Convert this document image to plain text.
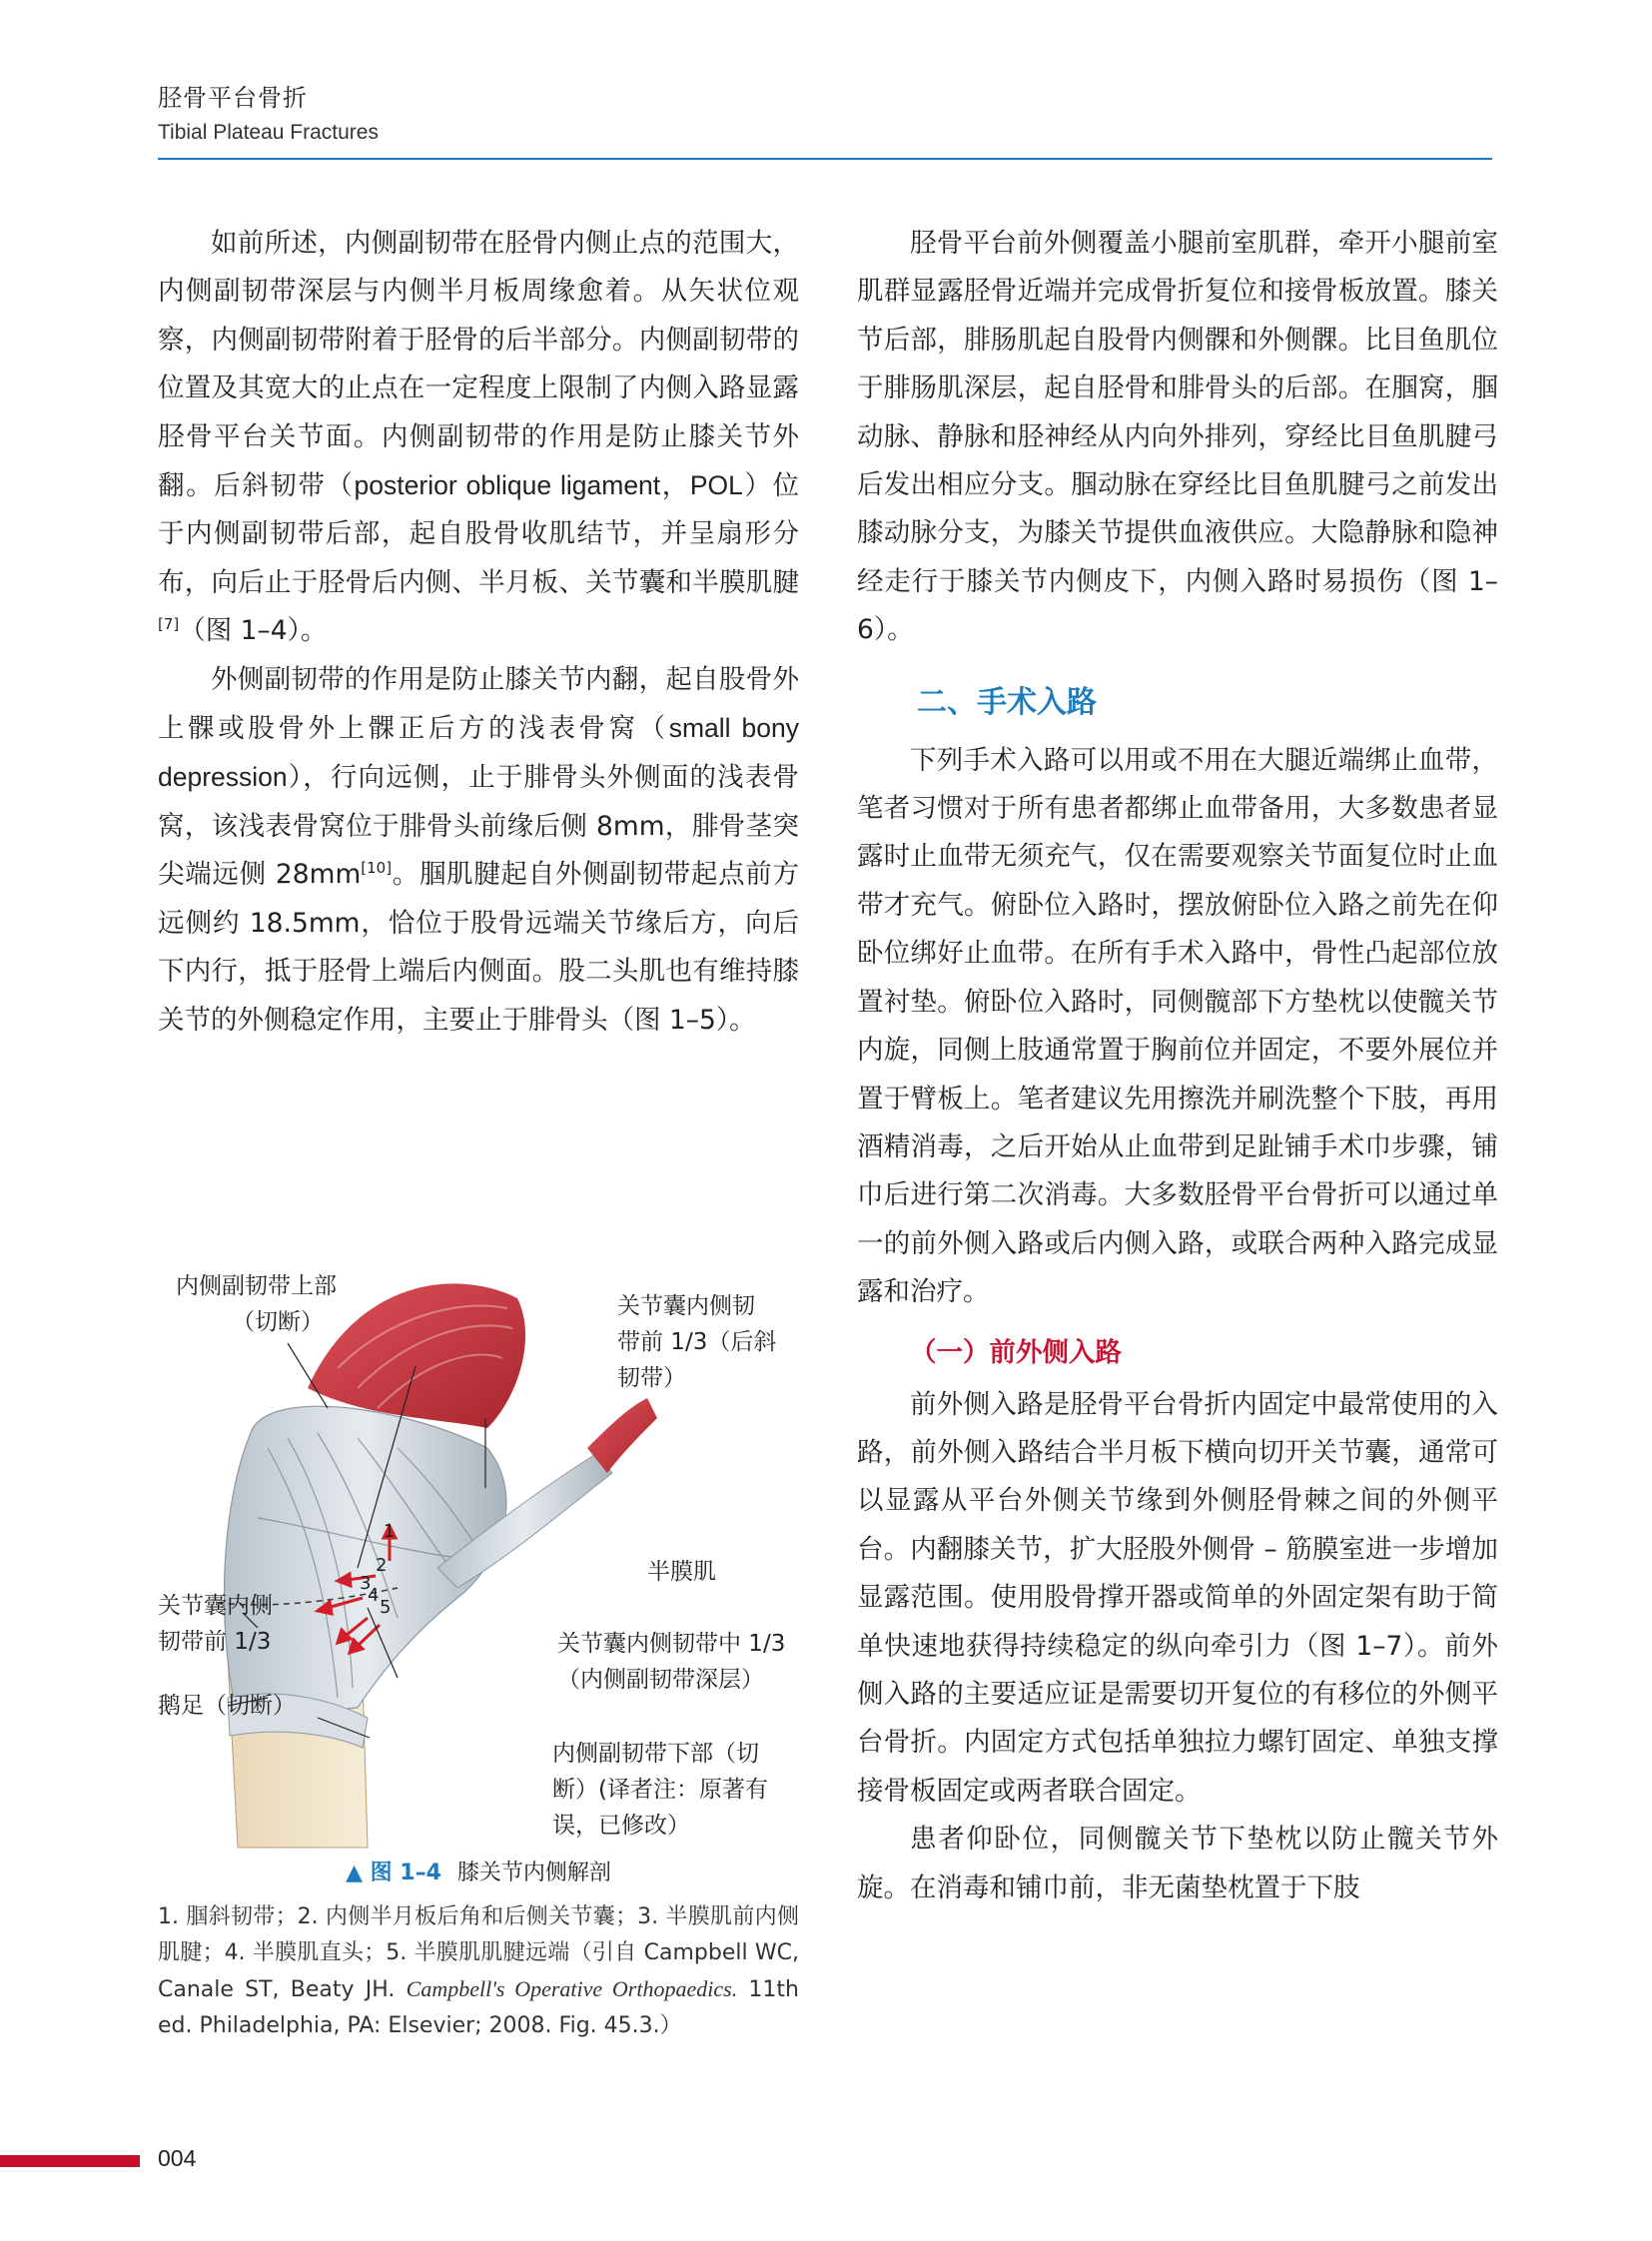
胫骨平台骨折
Tibial Plateau Fractures

如前所述，内侧副韧带在胫骨内侧止点的范围大，内侧副韧带深层与内侧半月板周缘愈着。从矢状位观察，内侧副韧带附着于胫骨的后半部分。内侧副韧带的位置及其宽大的止点在一定程度上限制了内侧入路显露胫骨平台关节面。内侧副韧带的作用是防止膝关节外翻。后斜韧带（posterior oblique ligament，POL）位于内侧副韧带后部，起自股骨收肌结节，并呈扇形分布，向后止于胫骨后内侧、半月板、关节囊和半膜肌腱[7]（图 1–4）。

外侧副韧带的作用是防止膝关节内翻，起自股骨外上髁或股骨外上髁正后方的浅表骨窝（small bony depression），行向远侧，止于腓骨头外侧面的浅表骨窝，该浅表骨窝位于腓骨头前缘后侧 8mm，腓骨茎突尖端远侧 28mm[10]。腘肌腱起自外侧副韧带起点前方远侧约 18.5mm，恰位于股骨远端关节缘后方，向后下内行，抵于胫骨上端后内侧面。股二头肌也有维持膝关节的外侧稳定作用，主要止于腓骨头（图 1–5）。

内侧副韧带上部
（切断）
关节囊内侧韧
带前 1/3（后斜
韧带）
半膜肌
关节囊内侧
韧带前 1/3	关节囊内侧韧带中 1/3
（内侧副韧带深层）
鹅足（切断）
内侧副韧带下部（切
断）(译者注：原著有
误，已修改）
1
2
3
4
5
▲ 图 1–4 膝关节内侧解剖
1. 腘斜韧带；2. 内侧半月板后角和后侧关节囊；3. 半膜肌前内侧肌腱；4. 半膜肌直头；5. 半膜肌肌腱远端（引自 Campbell WC, Canale ST, Beaty JH. Campbell's Operative Orthopaedics. 11th ed. Philadelphia, PA: Elsevier; 2008. Fig. 45.3.）

胫骨平台前外侧覆盖小腿前室肌群，牵开小腿前室肌群显露胫骨近端并完成骨折复位和接骨板放置。膝关节后部，腓肠肌起自股骨内侧髁和外侧髁。比目鱼肌位于腓肠肌深层，起自胫骨和腓骨头的后部。在腘窝，腘动脉、静脉和胫神经从内向外排列，穿经比目鱼肌腱弓后发出相应分支。腘动脉在穿经比目鱼肌腱弓之前发出膝动脉分支，为膝关节提供血液供应。大隐静脉和隐神经走行于膝关节内侧皮下，内侧入路时易损伤（图 1–6）。

二、手术入路

下列手术入路可以用或不用在大腿近端绑止血带，笔者习惯对于所有患者都绑止血带备用，大多数患者显露时止血带无须充气，仅在需要观察关节面复位时止血带才充气。俯卧位入路时，摆放俯卧位入路之前先在仰卧位绑好止血带。在所有手术入路中，骨性凸起部位放置衬垫。俯卧位入路时，同侧髋部下方垫枕以使髋关节内旋，同侧上肢通常置于胸前位并固定，不要外展位并置于臂板上。笔者建议先用擦洗并刷洗整个下肢，再用酒精消毒，之后开始从止血带到足趾铺手术巾步骤，铺巾后进行第二次消毒。大多数胫骨平台骨折可以通过单一的前外侧入路或后内侧入路，或联合两种入路完成显露和治疗。

（一）前外侧入路

前外侧入路是胫骨平台骨折内固定中最常使用的入路，前外侧入路结合半月板下横向切开关节囊，通常可以显露从平台外侧关节缘到外侧胫骨棘之间的外侧平台。内翻膝关节，扩大胫股外侧骨 – 筋膜室进一步增加显露范围。使用股骨撑开器或简单的外固定架有助于简单快速地获得持续稳定的纵向牵引力（图 1–7）。前外侧入路的主要适应证是需要切开复位的有移位的外侧平台骨折。内固定方式包括单独拉力螺钉固定、单独支撑接骨板固定或两者联合固定。

患者仰卧位，同侧髋关节下垫枕以防止髋关节外旋。在消毒和铺巾前，非无菌垫枕置于下肢

004
